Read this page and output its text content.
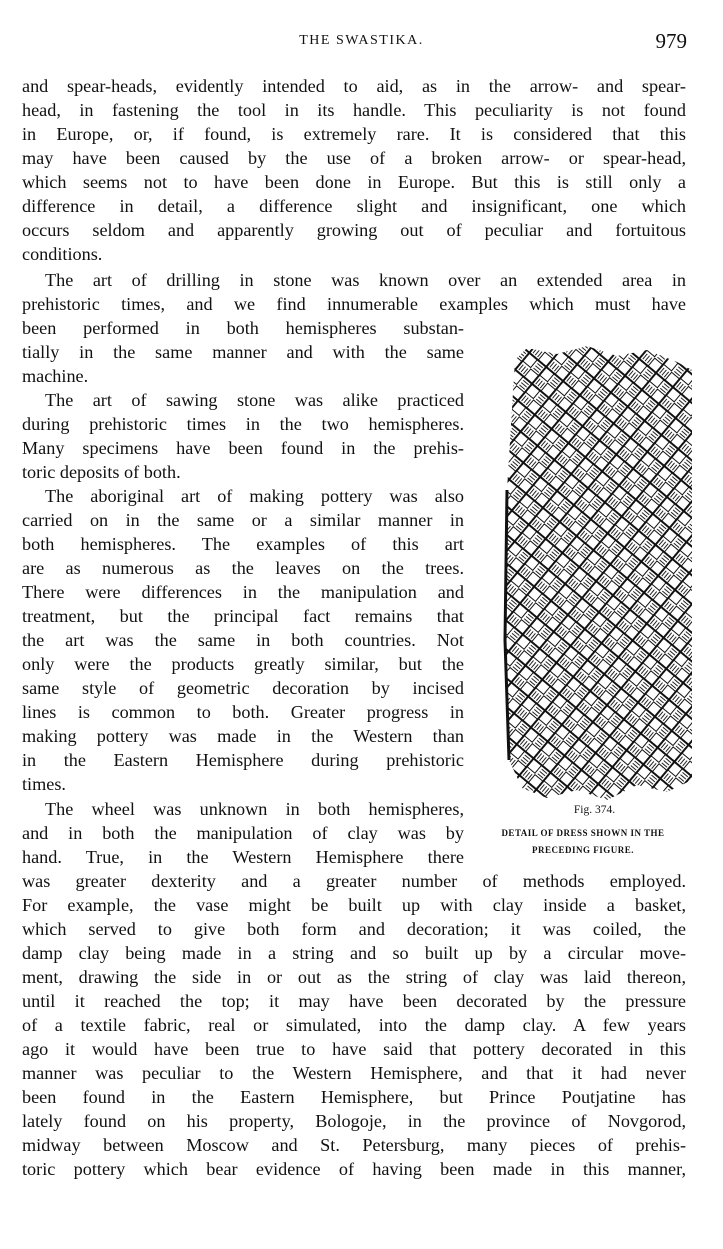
THE SWASTIKA.	979
and spear-heads, evidently intended to aid, as in the arrow- and spear-
head, in fastening the tool in its handle. This peculiarity is not found
in Europe, or, if found, is extremely rare. It is considered that this
may have been caused by the use of a broken arrow- or spear-head,
which seems not to have been done in Europe. But this is still only a
difference in detail, a difference slight and insignificant, one which
occurs seldom and apparently growing out of peculiar and fortuitous
conditions.
The art of drilling in stone was known over an extended area in
prehistoric times, and we find innumerable examples which must have
been performed in both hemispheres substan-
tially in the same manner and with the same
machine.
The art of sawing stone was alike practiced
during prehistoric times in the two hemispheres.
Many specimens have been found in the prehis-
toric deposits of both.
The aboriginal art of making pottery was also
carried on in the same or a similar manner in
both hemispheres. The examples of this art
are as numerous as the leaves on the trees.
There were differences in the manipulation and
treatment, but the principal fact remains that
the art was the same in both countries. Not
only were the products greatly similar, but the
same style of geometric decoration by incised
lines is common to both. Greater progress in
making pottery was made in the Western than
in the Eastern Hemisphere during prehistoric
times.
The wheel was unknown in both hemispheres,
and in both the manipulation of clay was by
hand. True, in the Western Hemisphere there
was greater dexterity and a greater number of methods employed.
For example, the vase might be built up with clay inside a basket,
which served to give both form and decoration; it was coiled, the
damp clay being made in a string and so built up by a circular move-
ment, drawing the side in or out as the string of clay was laid thereon,
until it reached the top; it may have been decorated by the pressure
of a textile fabric, real or simulated, into the damp clay. A few years
ago it would have been true to have said that pottery decorated in this
manner was peculiar to the Western Hemisphere, and that it had never
been found in the Eastern Hemisphere, but Prince Poutjatine has
lately found on his property, Bologoje, in the province of Novgorod,
midway between Moscow and St. Petersburg, many pieces of prehis-
toric pottery which bear evidence of having been made in this manner,
Fig. 374.
DETAIL OF DRESS SHOWN IN THE
PRECEDING FIGURE.
